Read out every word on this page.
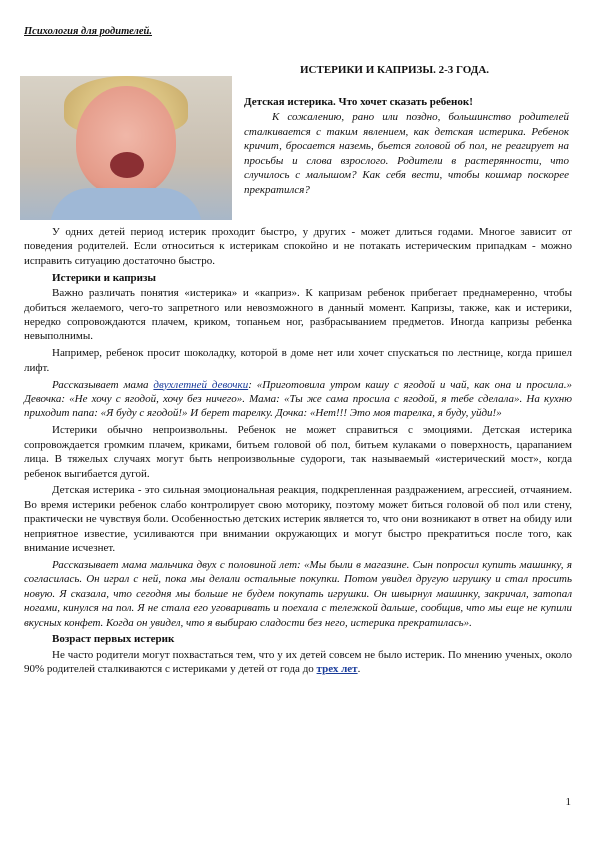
Психология для родителей.
ИСТЕРИКИ И КАПРИЗЫ. 2-3 ГОДА.
Детская истерика. Что хочет сказать ребенок!

К сожалению, рано или поздно, большинство родителей сталкивается с таким явлением, как детская истерика. Ребенок кричит, бросается наземь, бьется головой об пол, не реагирует на просьбы и слова взрослого. Родители в растерянности, что случилось с малышом? Как себя вести, чтобы кошмар поскорее прекратился?

У одних детей период истерик проходит быстро, у других - может длиться годами. Многое зависит от поведения родителей. Если относиться к истерикам спокойно и не потакать истерическим припадкам - можно исправить ситуацию достаточно быстро.

Истерики и капризы

Важно различать понятия «истерика» и «каприз». К капризам ребенок прибегает преднамеренно, чтобы добиться желаемого, чего-то запретного или невозможного в данный момент. Капризы, также, как и истерики, нередко сопровождаются плачем, криком, топаньем ног, разбрасыванием предметов. Иногда капризы ребенка невыполнимы.

Например, ребенок просит шоколадку, которой в доме нет или хочет спускаться по лестнице, когда пришел лифт.

Рассказывает мама двухлетней девочки: «Приготовила утром кашу с ягодой и чай, как она и просила.» Девочка: «Не хочу с ягодой, хочу без ничего». Мама: «Ты же сама просила с ягодой, я тебе сделала». На кухню приходит папа: «Я буду с ягодой!» И берет тарелку. Дочка: «Нет!!! Это моя тарелка, я буду, уйди!»

Истерики обычно непроизвольны. Ребенок не может справиться с эмоциями. Детская истерика сопровождается громким плачем, криками, битьем головой об пол, битьем кулаками о поверхность, царапанием лица. В тяжелых случаях могут быть непроизвольные судороги, так называемый «истерический мост», когда ребенок выгибается дугой.

Детская истерика - это сильная эмоциональная реакция, подкрепленная раздражением, агрессией, отчаянием. Во время истерики ребенок слабо контролирует свою моторику, поэтому может биться головой об пол или стену, практически не чувствуя боли. Особенностью детских истерик является то, что они возникают в ответ на обиду или неприятное известие, усиливаются при внимании окружающих и могут быстро прекратиться после того, как внимание исчезнет.

Рассказывает мама мальчика двух с половиной лет: «Мы были в магазине. Сын попросил купить машинку, я согласилась. Он играл с ней, пока мы делали остальные покупки. Потом увидел другую игрушку и стал просить новую. Я сказала, что сегодня мы больше не будем покупать игрушки. Он швырнул машинку, закричал, затопал ногами, кинулся на пол. Я не стала его уговаривать и поехала с тележкой дальше, сообщив, что мы еще не купили вкусных конфет. Когда он увидел, что я выбираю сладости без него, истерика прекратилась».

Возраст первых истерик

Не часто родители могут похвастаться тем, что у их детей совсем не было истерик. По мнению ученых, около 90% родителей сталкиваются с истериками у детей от года до трех лет.

1
